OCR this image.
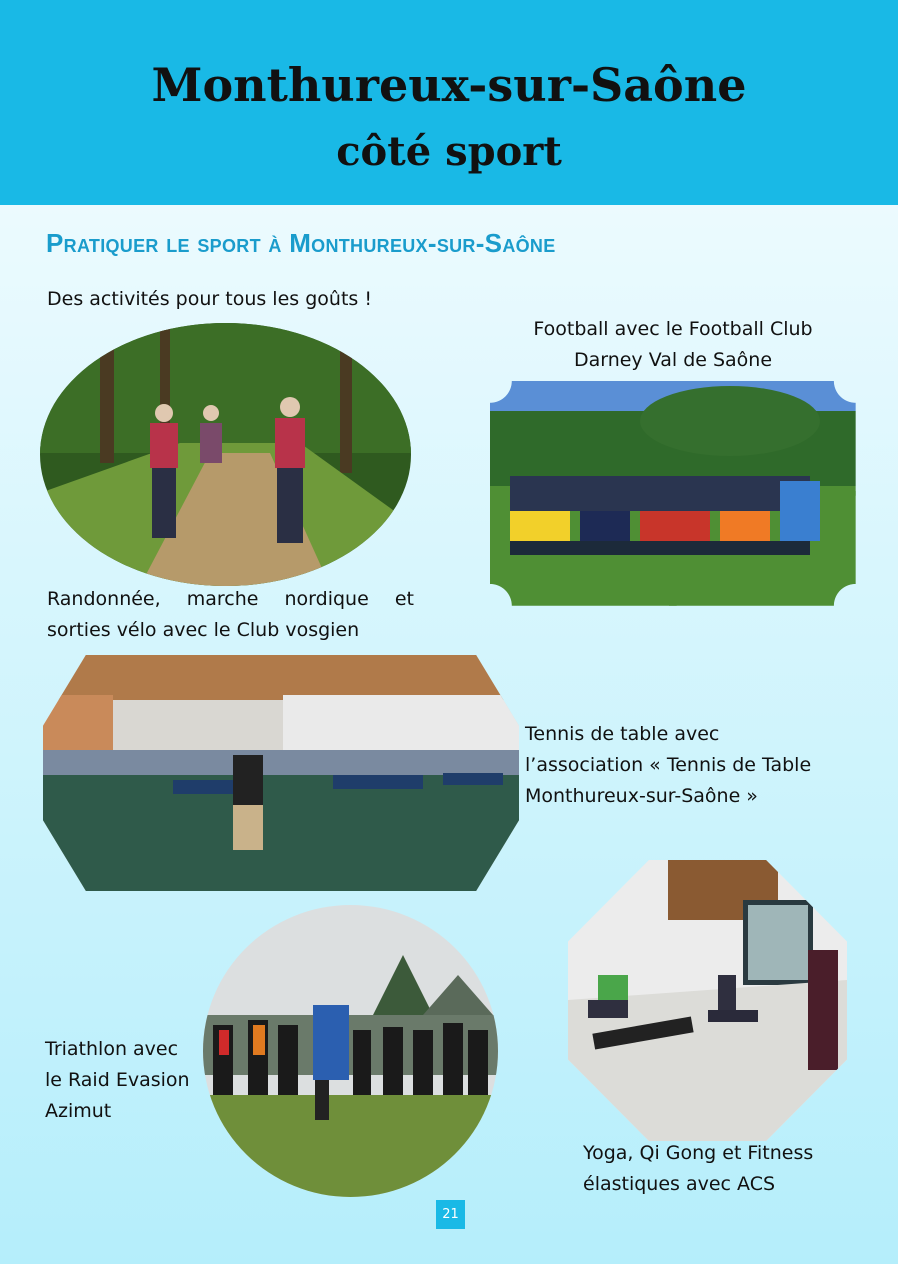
Monthureux-sur-Saône
côté sport
Pratiquer le sport à Monthureux-sur-Saône

Des activités pour tous les goûts !

Football avec le Football Club
Darney Val de Saône
Randonnée, marche nordique et
sorties vélo avec le Club vosgien
Tennis de table avec
l’association « Tennis de Table
Monthureux-sur-Saône »
Triathlon avec
le Raid Evasion
Azimut
Yoga, Qi Gong et Fitness
élastiques avec ACS
21
